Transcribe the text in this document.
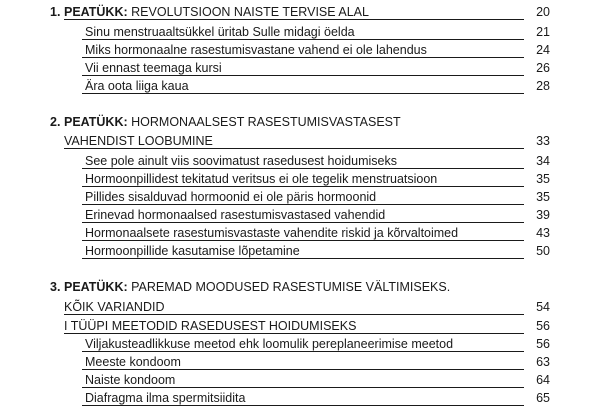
1. PEATÜKK: REVOLUTSIOON NAISTE TERVISE ALAL	20
Sinu menstruaaltsükkel üritab Sulle midagi öelda	21
Miks hormonaalne rasestumisvastane vahend ei ole lahendus	24
Vii ennast teemaga kursi	26
Ära oota liiga kaua	28
2. PEATÜKK: HORMONAALSEST RASESTUMISVASTASEST
VAHENDIST LOOBUMINE	33
See pole ainult viis soovimatust rasedusest hoidumiseks	34
Hormoonpillidest tekitatud veritsus ei ole tegelik menstruatsioon	35
Pillides sisalduvad hormoonid ei ole päris hormoonid	35
Erinevad hormonaalsed rasestumisvastased vahendid	39
Hormonaalsete rasestumisvastaste vahendite riskid ja kõrvaltoimed	43
Hormoonpillide kasutamise lõpetamine	50
3. PEATÜKK: PAREMAD MOODUSED RASESTUMISE VÄLTIMISEKS.
KÕIK VARIANDID	54
I TÜÜPI MEETODID RASEDUSEST HOIDUMISEKS	56
Viljakusteadlikkuse meetod ehk loomulik pereplaneerimise meetod	56
Meeste kondoom	63
Naiste kondoom	64
Diafragma ilma spermitsiidita	65
